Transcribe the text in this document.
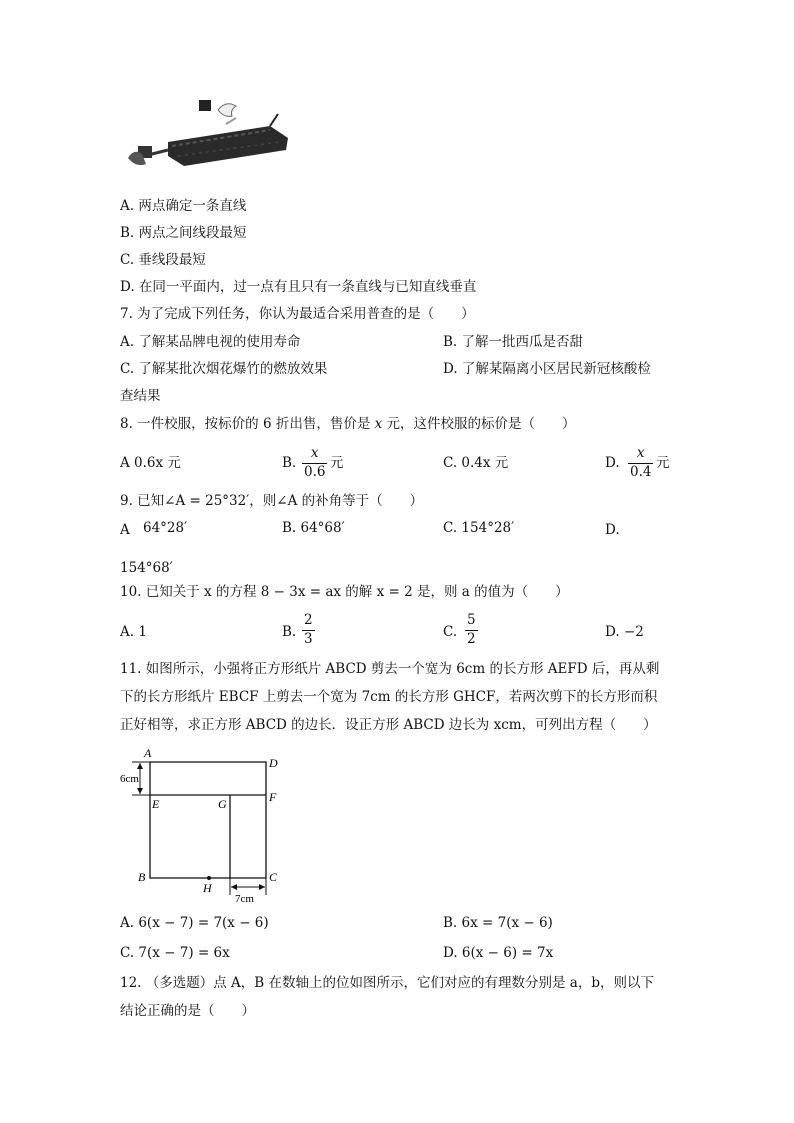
A. 两点确定一条直线
B. 两点之间线段最短
C. 垂线段最短
D. 在同一平面内，过一点有且只有一条直线与已知直线垂直
7. 为了完成下列任务，你认为最适合采用普查的是（　　）
A. 了解某品牌电视的使用寿命	B. 了解一批西瓜是否甜
C. 了解某批次烟花爆竹的燃放效果	D. 了解某隔离小区居民新冠核酸检
查结果
8. 一件校服，按标价的 6 折出售，售价是 x 元，这件校服的标价是（　　）
A 0.6x 元	B. $\frac{x}{0.6}$ 元	C. 0.4x 元	D. $\frac{x}{0.4}$ 元
9. 已知∠A = 25°32′，则∠A 的补角等于（　　）
A 64°28′	B. 64°68′	C. 154°28′	D.
154°68′
10. 已知关于 x 的方程 8 − 3x = ax 的解 x = 2 是，则 a 的值为（　　）
A. 1	B. $\frac{2}{3}$	C. $\frac{5}{2}$	D. −2
11. 如图所示，小强将正方形纸片 ABCD 剪去一个宽为 6cm 的长方形 AEFD 后，再从剩
下的长方形纸片 EBCF 上剪去一个宽为 7cm 的长方形 GHCF，若两次剪下的长方形而积
正好相等，求正方形 ABCD 的边长．设正方形 ABCD 边长为 xcm，可列出方程（　　）
A
D
E	G	F
B	C
H
6cm
7cm
A. 6(x − 7) = 7(x − 6)	B. 6x = 7(x − 6)
C. 7(x − 7) = 6x	D. 6(x − 6) = 7x
12. （多选题）点 A，B 在数轴上的位如图所示，它们对应的有理数分别是 a，b，则以下
结论正确的是（　　）
